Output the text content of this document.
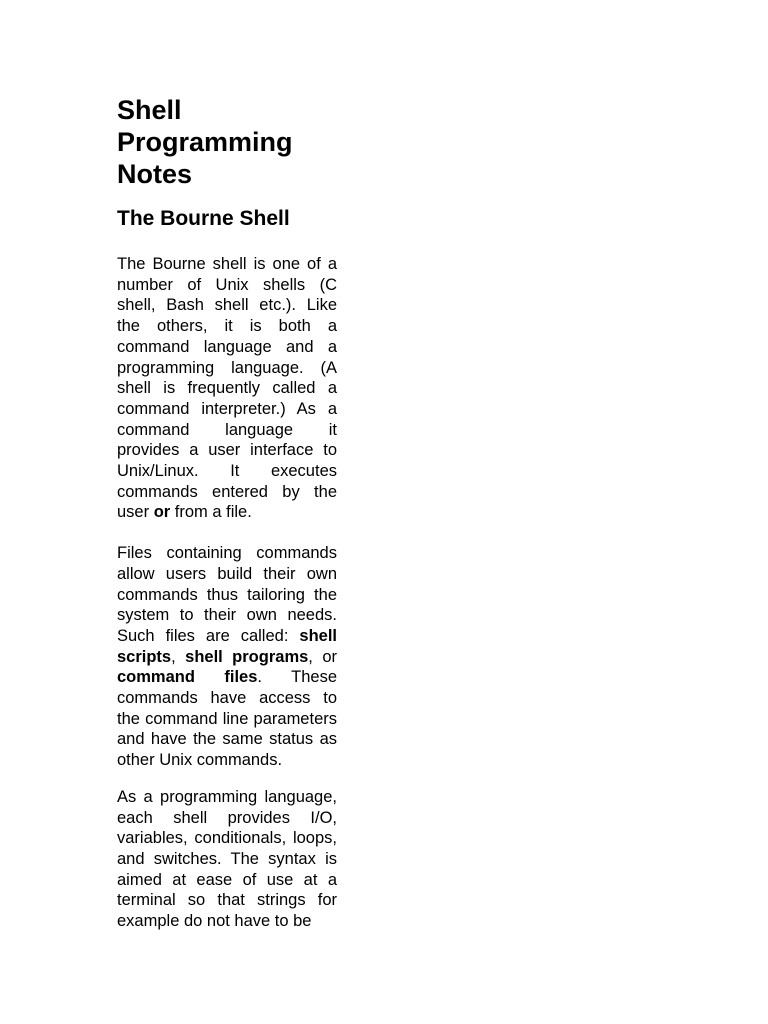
Shell
Programming
Notes
The Bourne Shell

The Bourne shell is one of a number of Unix shells (C shell, Bash shell etc.). Like the others, it is both a command language and a programming language. (A shell is frequently called a command interpreter.) As a command language it provides a user interface to Unix/Linux. It executes commands entered by the user or from a file.

Files containing commands allow users build their own commands thus tailoring the system to their own needs. Such files are called: shell scripts, shell programs, or command files. These commands have access to the command line parameters and have the same status as other Unix commands.

As a programming language, each shell provides I/O, variables, conditionals, loops, and switches. The syntax is aimed at ease of use at a terminal so that strings for example do not have to be
